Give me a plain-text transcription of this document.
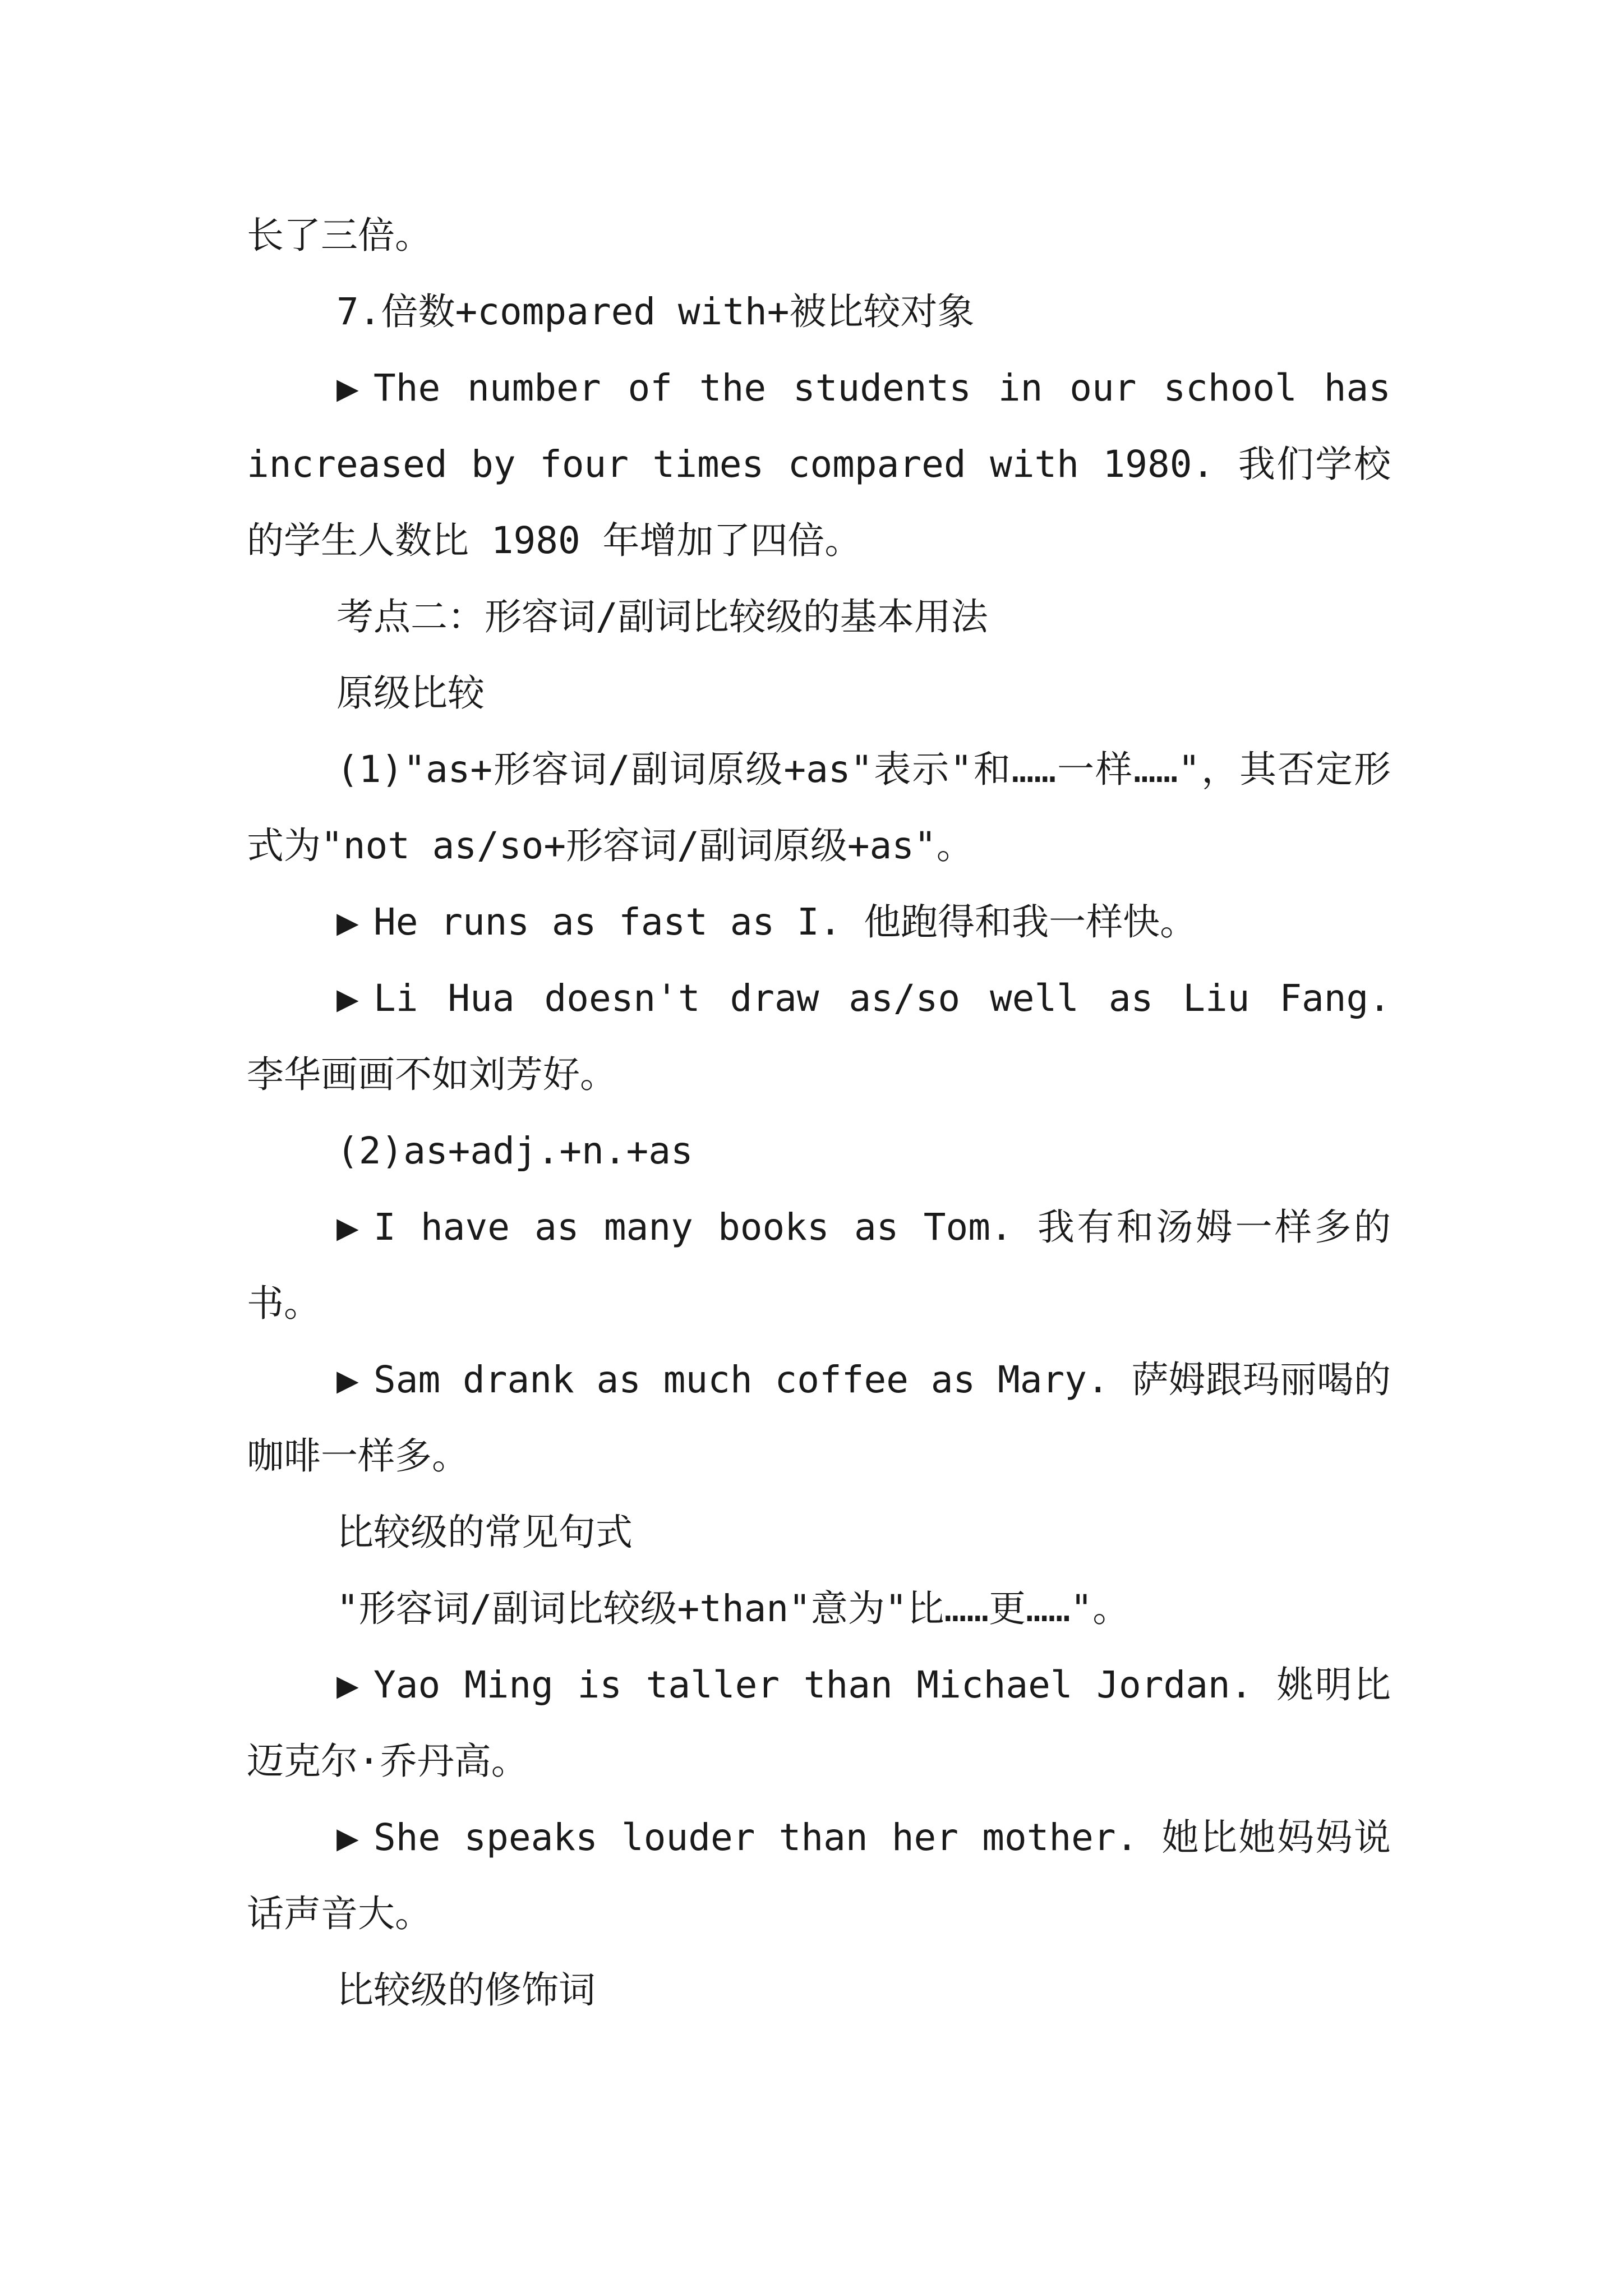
长了三倍。

7.倍数+compared with+被比较对象

▶ The number of the students in our school has increased by four times compared with 1980. 我们学校的学生人数比 1980 年增加了四倍。

考点二：形容词/副词比较级的基本用法

原级比较

(1)"as+形容词/副词原级+as"表示"和……一样……"，其否定形式为"not as/so+形容词/副词原级+as"。

▶ He runs as fast as I. 他跑得和我一样快。

▶ Li Hua doesn't draw as/so well as Liu Fang. 李华画画不如刘芳好。

(2)as+adj.+n.+as

▶ I have as many books as Tom. 我有和汤姆一样多的书。

▶ Sam drank as much coffee as Mary. 萨姆跟玛丽喝的咖啡一样多。

比较级的常见句式

"形容词/副词比较级+than"意为"比……更……"。

▶ Yao Ming is taller than Michael Jordan. 姚明比迈克尔·乔丹高。

▶ She speaks louder than her mother. 她比她妈妈说话声音大。

比较级的修饰词
